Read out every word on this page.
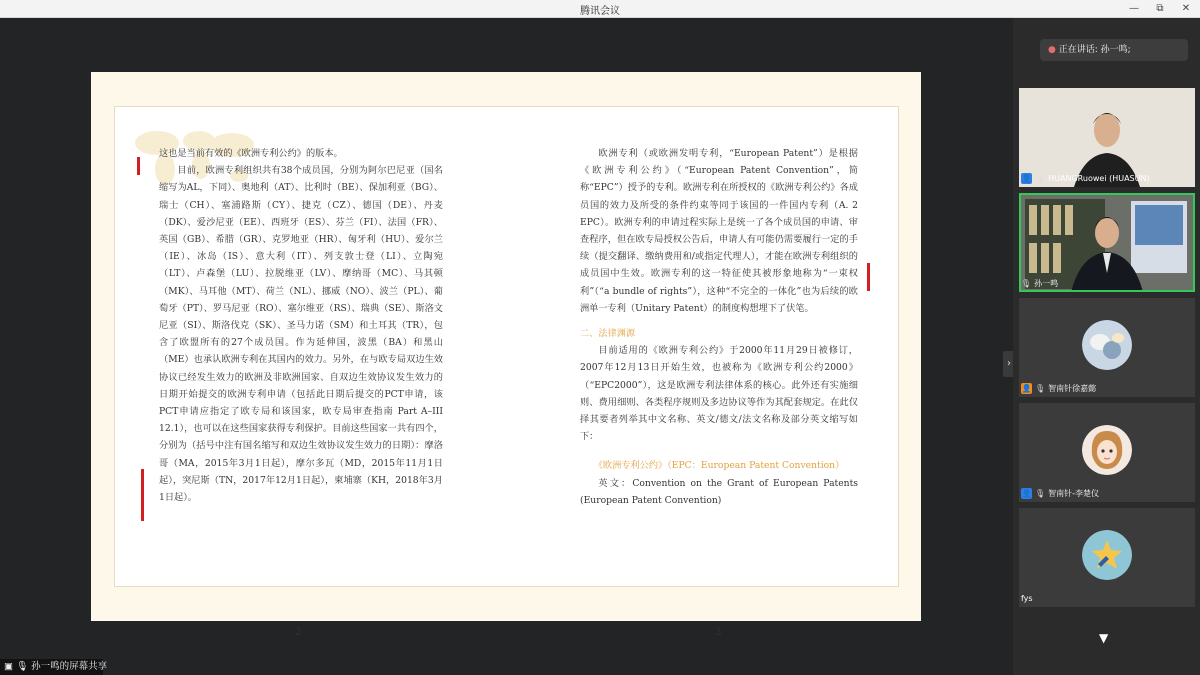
腾讯会议	—	⧉	✕

这也是当前有效的《欧洲专利公约》的版本。

目前，欧洲专利组织共有38个成员国，分别为阿尔巴尼亚（国名缩写为AL，下同）、奥地利（AT）、比利时（BE）、保加利亚（BG）、瑞士（CH）、塞浦路斯（CY）、捷克（CZ）、德国（DE）、丹麦（DK）、爱沙尼亚（EE）、西班牙（ES）、芬兰（FI）、法国（FR）、英国（GB）、希腊（GR）、克罗地亚（HR）、匈牙利（HU）、爱尔兰（IE）、冰岛（IS）、意大利（IT）、列支敦士登（LI）、立陶宛（LT）、卢森堡（LU）、拉脱维亚（LV）、摩纳哥（MC）、马其顿（MK）、马耳他（MT）、荷兰（NL）、挪威（NO）、波兰（PL）、葡萄牙（PT）、罗马尼亚（RO）、塞尔维亚（RS）、瑞典（SE）、斯洛文尼亚（SI）、斯洛伐克（SK）、圣马力诺（SM）和土耳其（TR），包含了欧盟所有的27个成员国。作为延伸国，波黑（BA）和黑山（ME）也承认欧洲专利在其国内的效力。另外，在与欧专局双边生效协议已经发生效力的欧洲及非欧洲国家、自双边生效协议发生效力的日期开始提交的欧洲专利申请（包括此日期后提交的PCT申请，该PCT申请应指定了欧专局和该国家，欧专局审查指南 Part A–III 12.1），也可以在这些国家获得专利保护。目前这些国家一共有四个，分别为（括号中注有国名缩写和双边生效协议发生效力的日期）：摩洛哥（MA，2015年3月1日起），摩尔多瓦（MD，2015年11月1日起），突尼斯（TN，2017年12月1日起），柬埔寨（KH，2018年3月1日起）。

2

欧洲专利（或欧洲发明专利，“European Patent”）是根据《欧洲专利公约》（“European Patent Convention”，简称“EPC”）授予的专利。欧洲专利在所授权的《欧洲专利公约》各成员国的效力及所受的条件约束等同于该国的一件国内专利（A. 2 EPC）。欧洲专利的申请过程实际上是统一了各个成员国的申请、审查程序，但在欧专局授权公告后，申请人有可能仍需要履行一定的手续（提交翻译、缴纳费用和/或指定代理人），才能在欧洲专利组织的成员国中生效。欧洲专利的这一特征使其被形象地称为“一束权利”（“a bundle of rights”），这种“不完全的一体化”也为后续的欧洲单一专利（Unitary Patent）的制度构想埋下了伏笔。

二、法律渊源

目前适用的《欧洲专利公约》于2000年11月29日被修订，2007年12月13日开始生效，也被称为《欧洲专利公约2000》（“EPC2000”），这是欧洲专利法律体系的核心。此外还有实施细则、费用细则、各类程序规则及多边协议等作为其配套规定。在此仅择其要者列举其中文名称、英文/德文/法文名称及部分英文缩写如下：

《欧洲专利公约》（EPC：European Patent Convention）

英文：Convention on the Grant of European Patents (European Patent Convention)

3
›
▣ 🎙 孙一鸣的屏幕共享
● 正在讲话: 孙一鸣;
👤 🎙 HUANGRuowei (HUASUN)
🎙 孙一鸣
👤 🎙 智南针徐嘉懿
👤 🎙 智南针-李楚仪
fys
▼
